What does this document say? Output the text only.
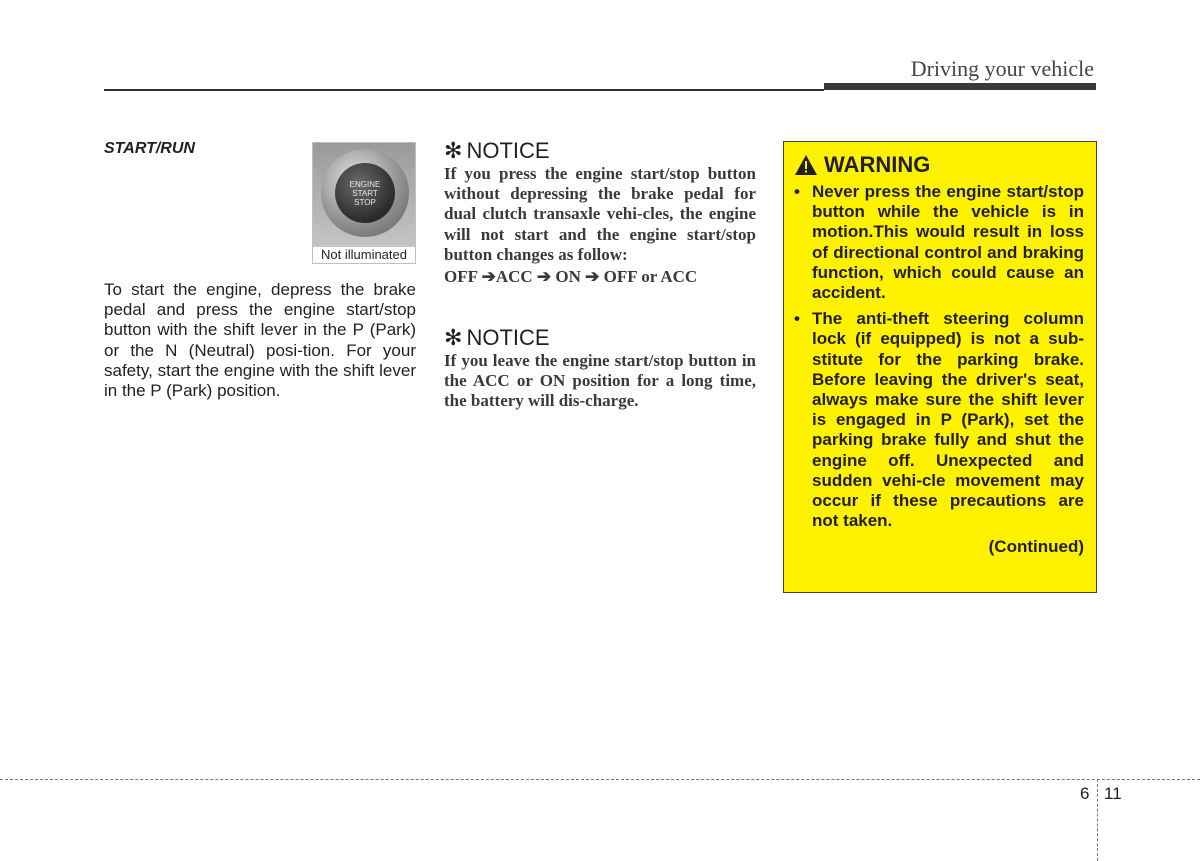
Driving your vehicle

START/RUN

ENGINE
START
STOP
Not illuminated

To start the engine, depress the brake pedal and press the engine start/stop button with the shift lever in the P (Park) or the N (Neutral) posi-tion. For your safety, start the engine with the shift lever in the P (Park) position.

✻ NOTICE

If you press the engine start/stop button without depressing the brake pedal for dual clutch transaxle vehi-cles, the engine will not start and the engine start/stop button changes as follow:

OFF ➔ACC ➔ ON ➔ OFF or ACC

✻ NOTICE

If you leave the engine start/stop button in the ACC or ON position for a long time, the battery will dis-charge.

WARNING
• Never press the engine start/stop button while the vehicle is in motion.This would result in loss of directional control and braking function, which could cause an accident.
• The anti-theft steering column lock (if equipped) is not a sub-stitute for the parking brake. Before leaving the driver's seat, always make sure the shift lever is engaged in P (Park), set the parking brake fully and shut the engine off. Unexpected and sudden vehi-cle movement may occur if these precautions are not taken.
(Continued)
6 11
